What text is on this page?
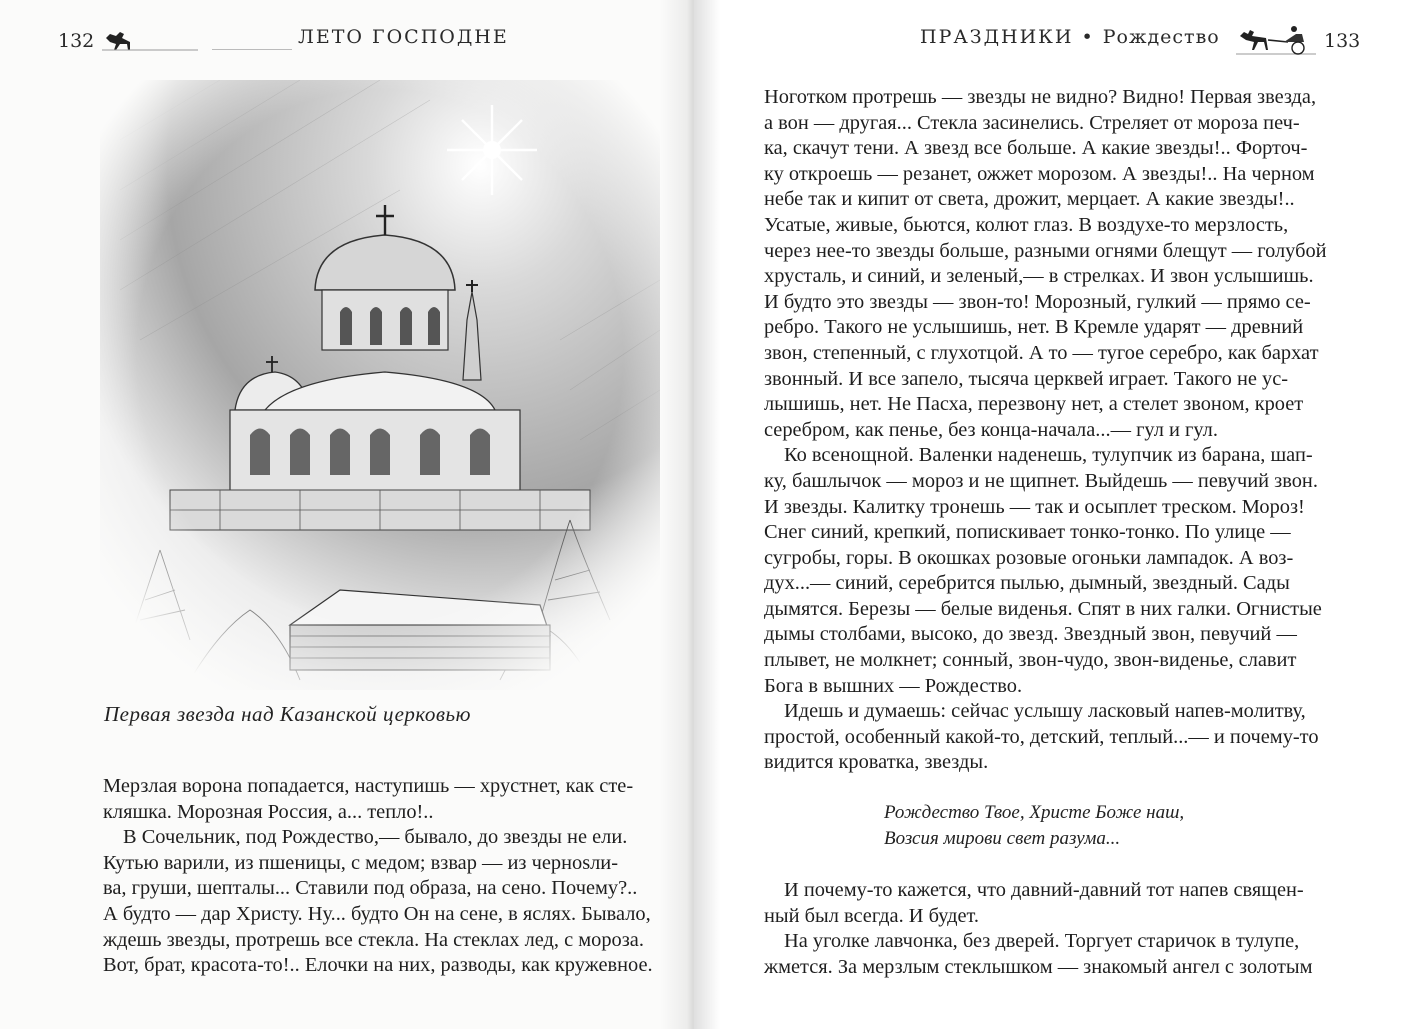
132	ЛЕТО ГОСПОДНЕ
Первая звезда над Казанской церковью

Мерзлая ворона попадается, наступишь — хрустнет, как сте-

кляшка. Морозная Россия, а... тепло!..

В Сочельник, под Рождество,— бывало, до звезды не ели.

Кутью варили, из пшеницы, с медом; взвар — из чернosли-

ва, груши, шепталы... Ставили под образа, на сено. Почему?..

А будто — дар Христу. Ну... будто Он на сене, в яслях. Бывало,

ждешь звезды, протрешь все стекла. На стеклах лед, с мороза.

Вот, брат, красота-то!.. Елочки на них, разводы, как кружевное.

ПРАЗДНИКИ • Рождество	133

Ноготком протрешь — звезды не видно? Видно! Первая звезда,

а вон — другая... Стекла засинелись. Стреляет от мороза печ-

ка, скачут тени. А звезд все больше. А какие звезды!.. Форточ-

ку откроешь — резанет, ожжет морозом. А звезды!.. На черном

небе так и кипит от света, дрожит, мерцает. А какие звезды!..

Усатые, живые, бьются, колют глаз. В воздухе-то мерзлость,

через нее-то звезды больше, разными огнями блещут — голубой

хрусталь, и синий, и зеленый,— в стрелках. И звон услышишь.

И будто это звезды — звон-то! Морозный, гулкий — прямо се-

ребро. Такого не услышишь, нет. В Кремле ударят — древний

звон, степенный, с глухотцой. А то — тугое серебро, как бархат

звонный. И все запело, тысяча церквей играет. Такого не ус-

лышишь, нет. Не Пасха, перезвону нет, а стелет звоном, кроет

серебром, как пенье, без конца-начала...— гул и гул.

Ко всенощной. Валенки наденешь, тулупчик из барана, шап-

ку, башлычок — мороз и не щипнет. Выйдешь — певучий звон.

И звезды. Калитку тронешь — так и осыплет треском. Мороз!

Снег синий, крепкий, попискивает тонко-тонко. По улице —

сугробы, горы. В окошках розовые огоньки лампадок. А воз-

дух...— синий, серебрится пылью, дымный, звездный. Сады

дымятся. Березы — белые виденья. Спят в них галки. Огнистые

дымы столбами, высоко, до звезд. Звездный звон, певучий —

плывет, не молкнет; сонный, звон-чудо, звон-виденье, славит

Бога в вышних — Рождество.

Идешь и думаешь: сейчас услышу ласковый напев-молитву,

простой, особенный какой-то, детский, теплый...— и почему-то

видится кроватка, звезды.

Рождество Твое, Христе Боже наш,

Возсия мирови свет разума...

И почему-то кажется, что давний-давний тот напев священ-

ный был всегда. И будет.

На уголке лавчонка, без дверей. Торгует старичок в тулупе,

жмется. За мерзлым стеклышком — знакомый ангел с золотым
